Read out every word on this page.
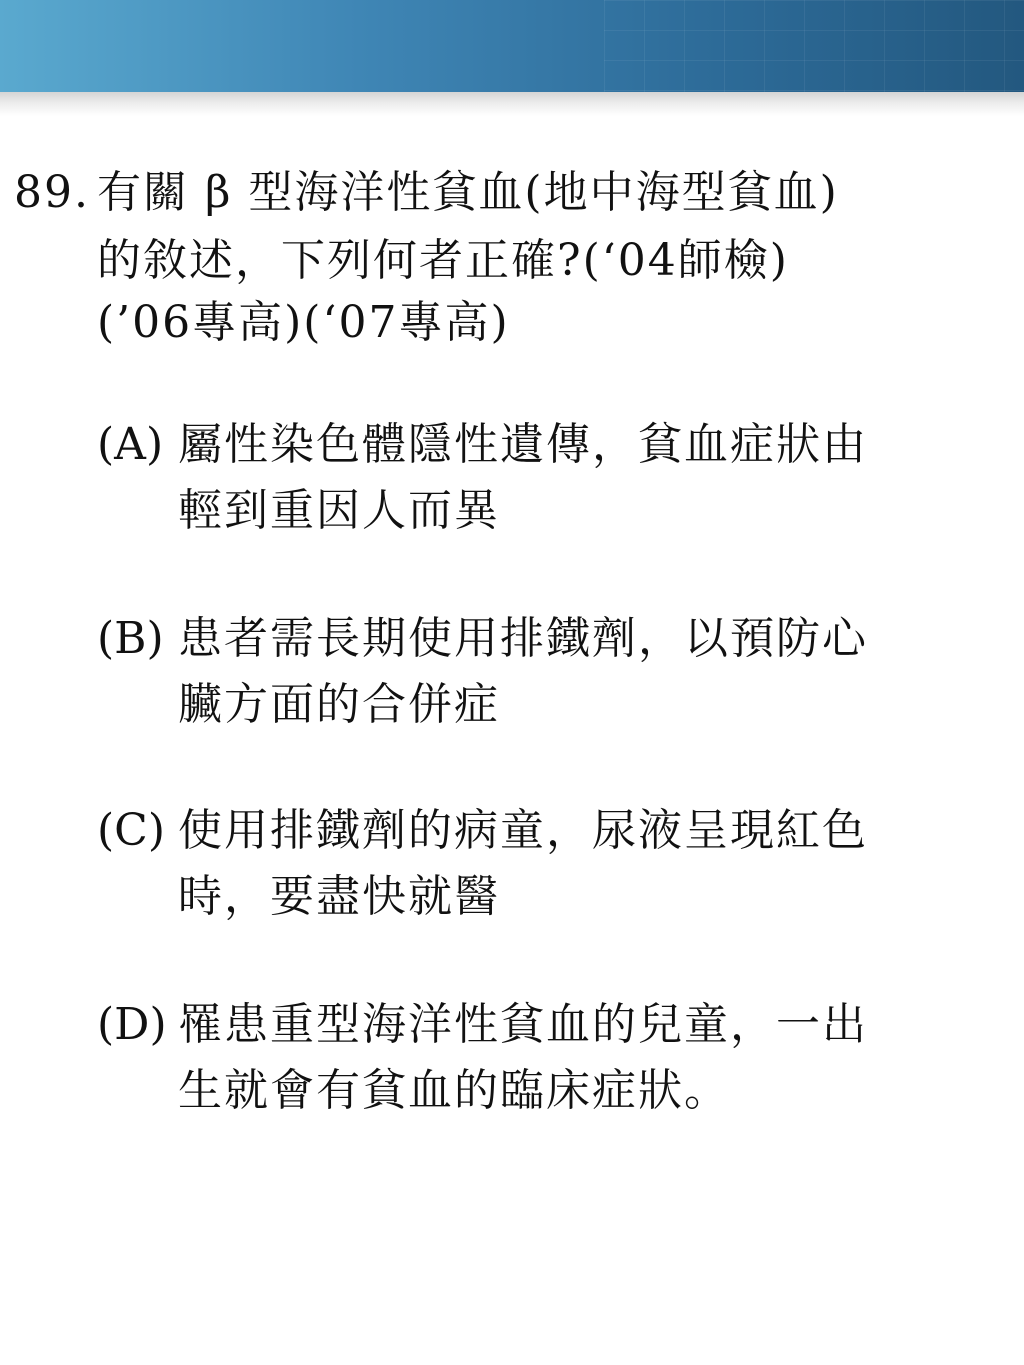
89. 有關 β 型海洋性貧血(地中海型貧血)
的敘述，下列何者正確?(‘04師檢)
(’06專高)(‘07專高)
(A) 屬性染色體隱性遺傳，貧血症狀由
輕到重因人而異
(B) 患者需長期使用排鐵劑，以預防心
臟方面的合併症
(C) 使用排鐵劑的病童，尿液呈現紅色
時，要盡快就醫
(D) 罹患重型海洋性貧血的兒童，一出
生就會有貧血的臨床症狀。
